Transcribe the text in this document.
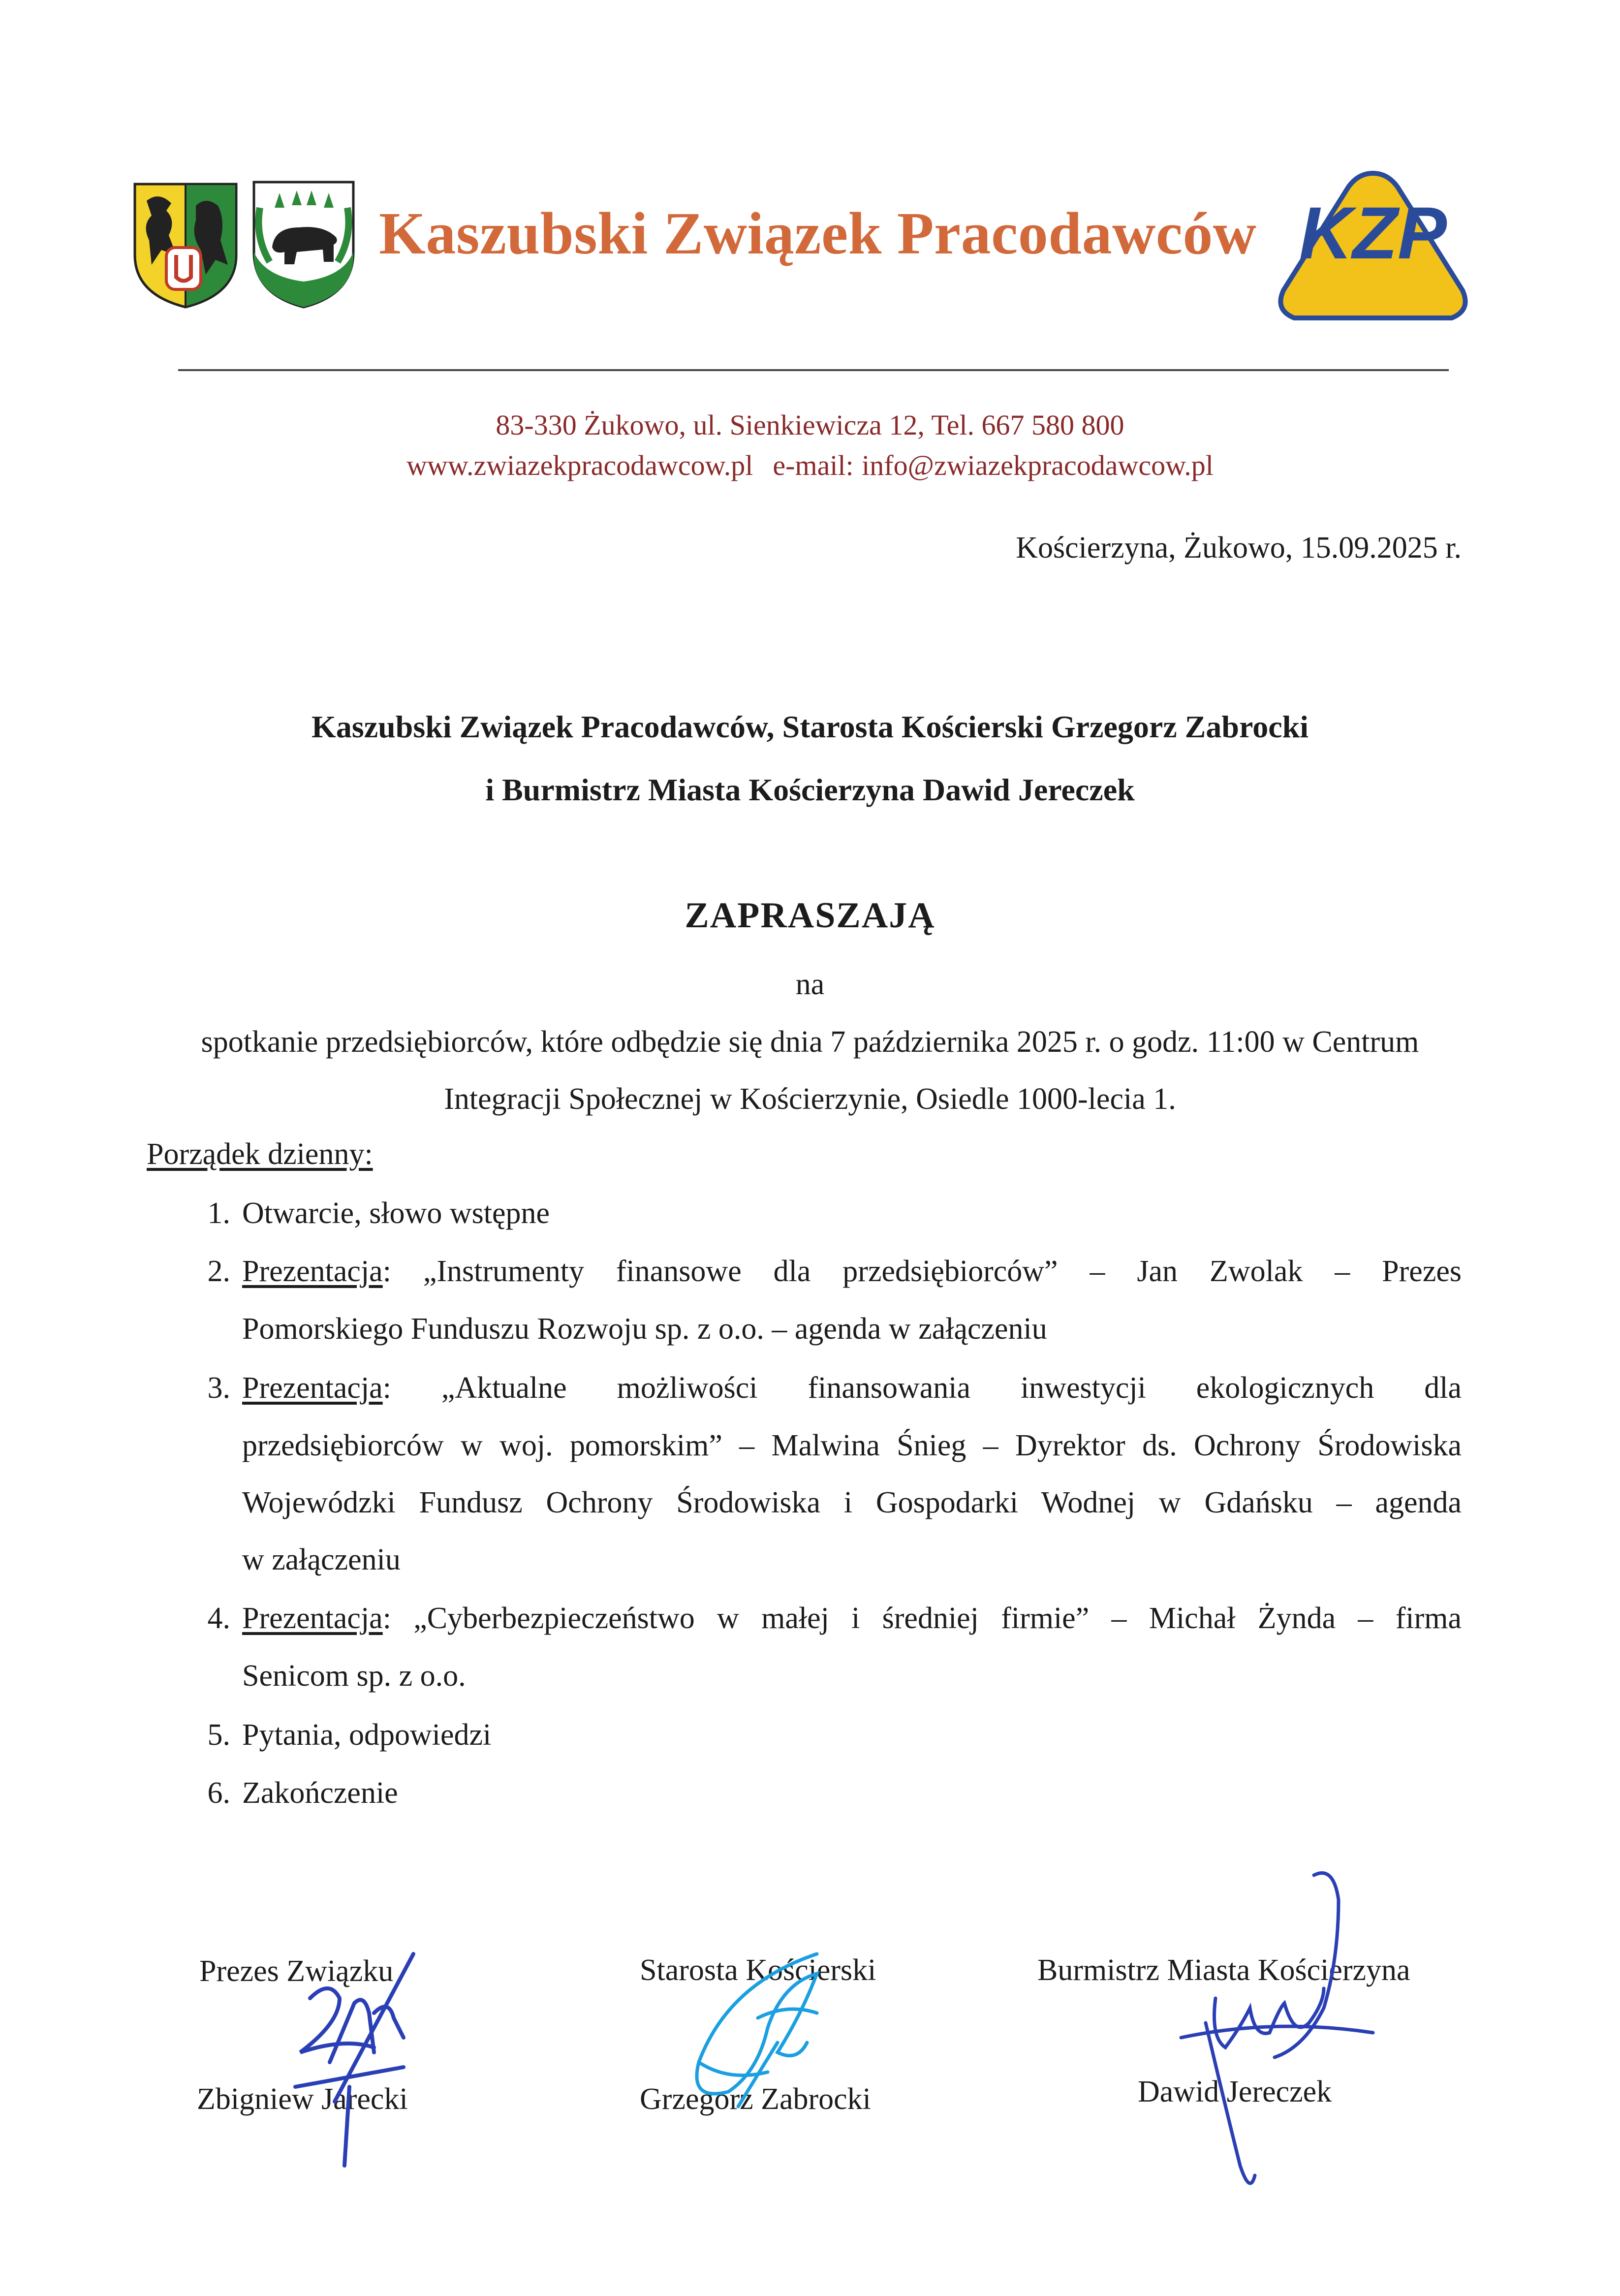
Kaszubski Związek Pracodawców KZP
83-330 Żukowo, ul. Sienkiewicza 12, Tel. 667 580 800
www.zwiazekpracodawcow.pl e-mail: info@zwiazekpracodawcow.pl
Kościerzyna, Żukowo, 15.09.2025 r.
Kaszubski Związek Pracodawców, Starosta Kościerski Grzegorz Zabrocki
i Burmistrz Miasta Kościerzyna Dawid Jereczek
ZAPRASZAJĄ
na
spotkanie przedsiębiorców, które odbędzie się dnia 7 października 2025 r. o godz. 11:00 w Centrum
Integracji Społecznej w Kościerzynie, Osiedle 1000-lecia 1.
Porządek dzienny:
1. Otwarcie, słowo wstępne
2. Prezentacja: „Instrumenty finansowe dla przedsiębiorców” – Jan Zwolak – Prezes
Pomorskiego Funduszu Rozwoju sp. z o.o. – agenda w załączeniu
3. Prezentacja: „Aktualne możliwości finansowania inwestycji ekologicznych dla
przedsiębiorców w woj. pomorskim” – Malwina Śnieg – Dyrektor ds. Ochrony Środowiska
Wojewódzki Fundusz Ochrony Środowiska i Gospodarki Wodnej w Gdańsku – agenda
w załączeniu
4. Prezentacja: „Cyberbezpieczeństwo w małej i średniej firmie” – Michał Żynda – firma
Senicom sp. z o.o.
5. Pytania, odpowiedzi
6. Zakończenie
Prezes Związku
Zbigniew Jarecki
Starosta Kościerski
Grzegorz Zabrocki
Burmistrz Miasta Kościerzyna
Dawid Jereczek
